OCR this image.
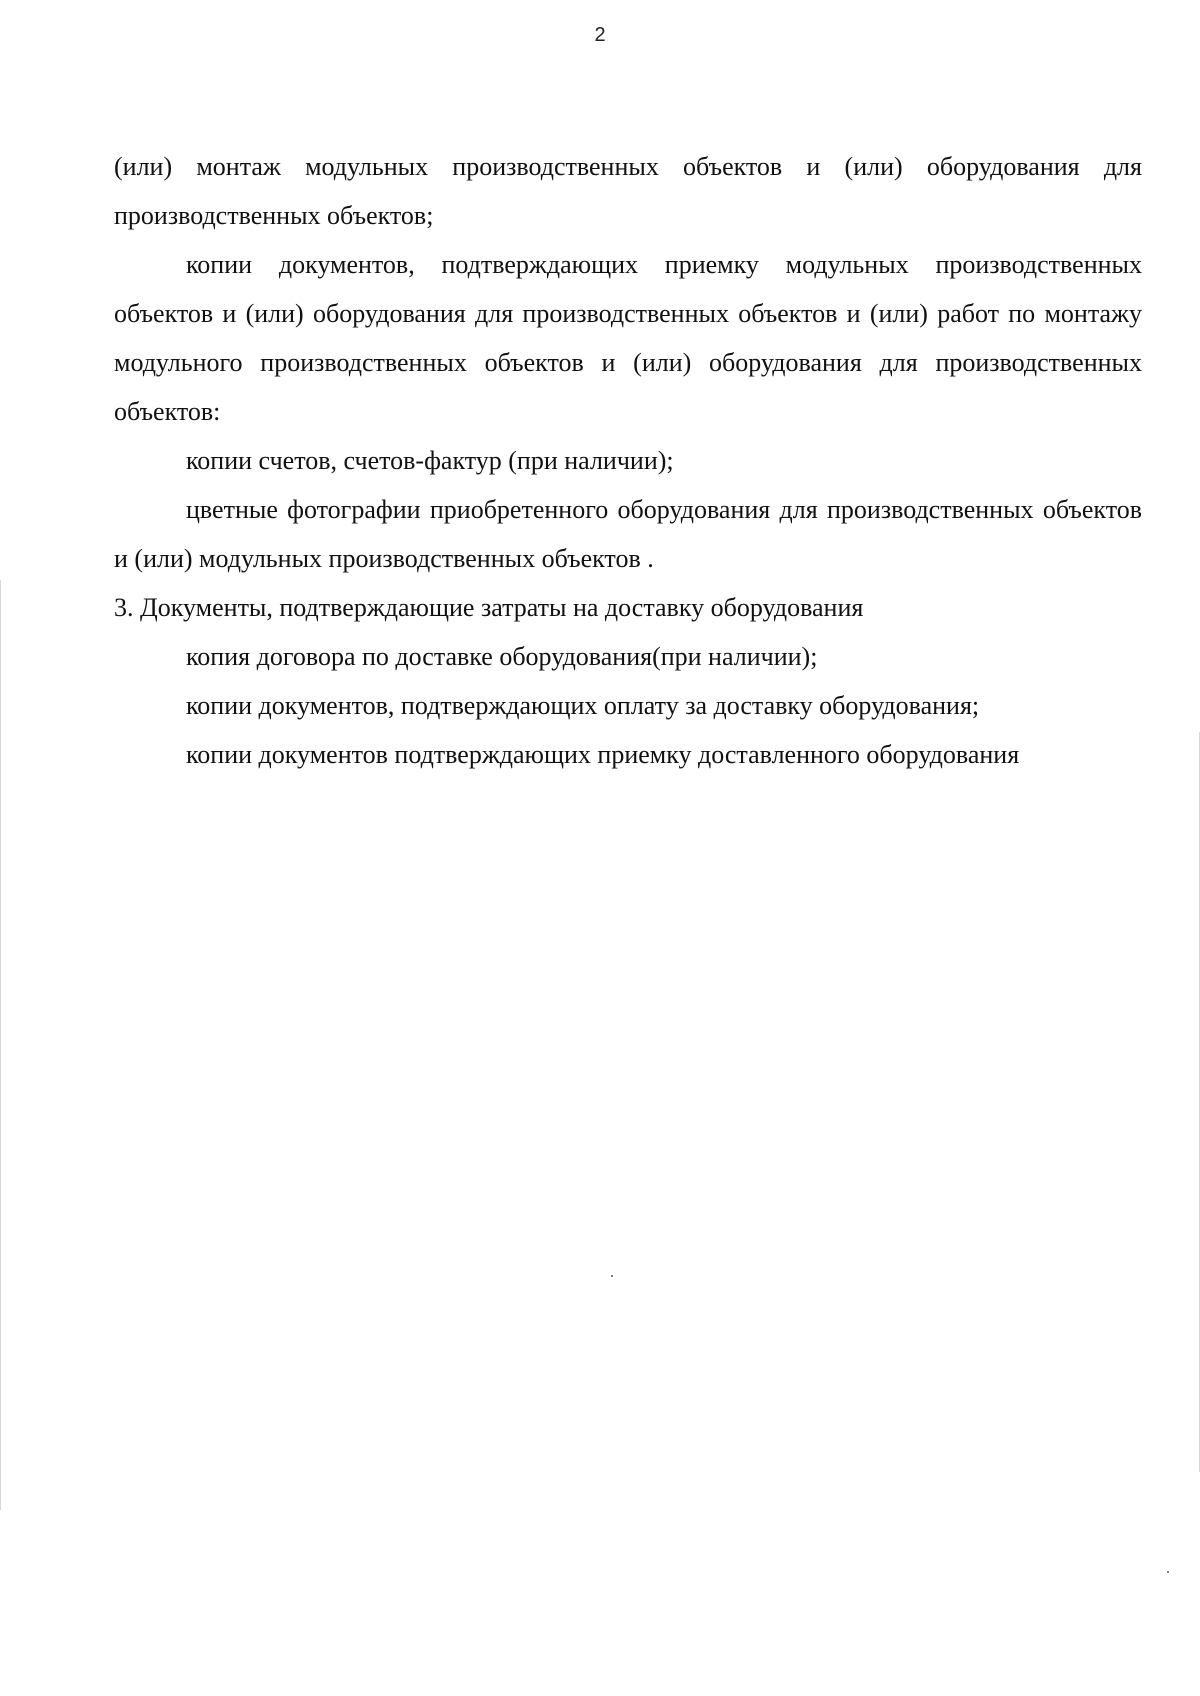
2

(или) монтаж модульных производственных объектов и (или) оборудования для производственных объектов;

копии документов, подтверждающих приемку модульных производственных объектов и (или) оборудования для производственных объектов и (или) работ по монтажу модульного производственных объектов и (или) оборудования для производственных объектов:

копии счетов, счетов-фактур (при наличии);

цветные фотографии приобретенного оборудования для производственных объектов и (или) модульных производственных объектов .

3. Документы, подтверждающие затраты на доставку оборудования

копия договора по доставке оборудования(при наличии);

копии документов, подтверждающих оплату за доставку оборудования;

копии документов подтверждающих приемку доставленного оборудования
